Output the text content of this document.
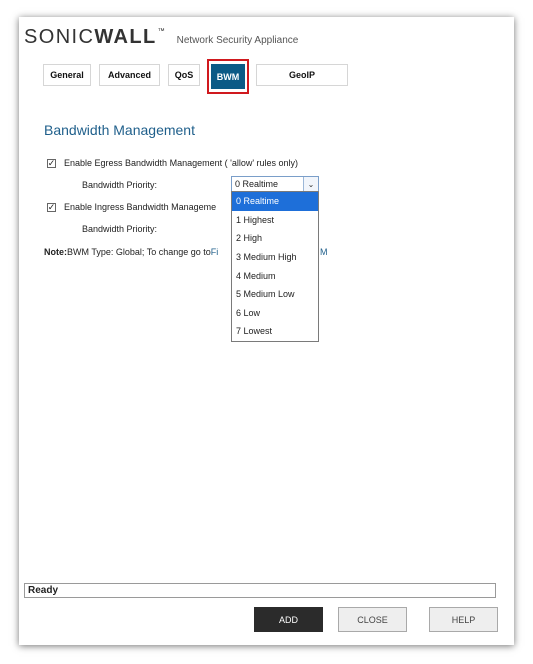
SONICWALL ™
Network Security Appliance
General	Advanced	QoS	BWM	GeoIP
Bandwidth Management
✓ Enable Egress Bandwidth Management ( 'allow' rules only)
Bandwidth Priority:	0 Realtime	⌄
✓ Enable Ingress Bandwidth Manageme
Bandwidth Priority:
Note: BWM Type: Global; To change go to Fi	M
0 Realtime
1 Highest
2 High
3 Medium High
4 Medium
5 Medium Low
6 Low
7 Lowest
Ready
ADD	CLOSE	HELP
